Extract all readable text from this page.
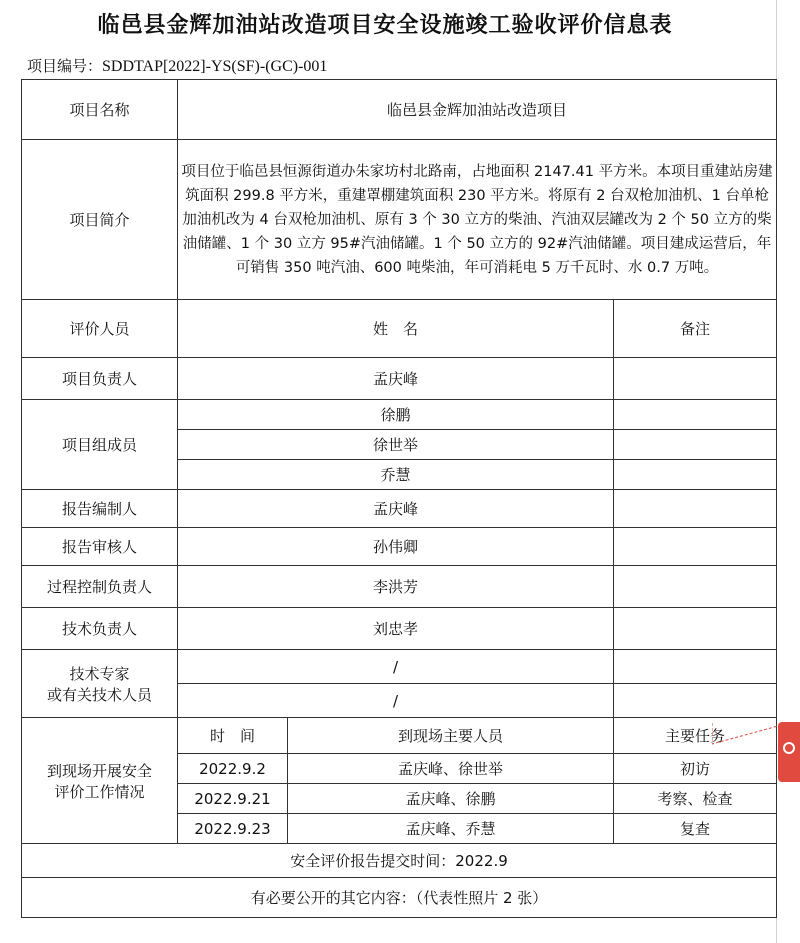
临邑县金辉加油站改造项目安全设施竣工验收评价信息表
项目编号：SDDTAP[2022]-YS(SF)-(GC)-001
项目名称	临邑县金辉加油站改造项目		
项目简介	项目位于临邑县恒源街道办朱家坊村北路南，占地面积 2147.41 平方米。本项目重建站房建筑面积 299.8 平方米，重建罩棚建筑面积 230 平方米。将原有 2 台双枪加油机、1 台单枪加油机改为 4 台双枪加油机、原有 3 个 30 立方的柴油、汽油双层罐改为 2 个 50 立方的柴油储罐、1 个 30 立方 95#汽油储罐。1 个 50 立方的 92#汽油储罐。项目建成运营后，年可销售 350 吨汽油、600 吨柴油，年可消耗电 5 万千瓦时、水 0.7 万吨。		
评价人员	姓　名		备注
项目负责人	孟庆峰		
项目组成员	徐鹏		
	徐世举		
	乔慧		
报告编制人	孟庆峰		
报告审核人	孙伟卿		
过程控制负责人	李洪芳		
技术负责人	刘忠孝		

技术专家
或有关技术人员	/		
	/		

到现场开展安全
评价工作情况	时　间	到现场主要人员	主要任务
	2022.9.2	孟庆峰、徐世举	初访
	2022.9.21	孟庆峰、徐鹏	考察、检查
	2022.9.23	孟庆峰、乔慧	复查
安全评价报告提交时间：2022.9			
有必要公开的其它内容：（代表性照片 2 张）			
